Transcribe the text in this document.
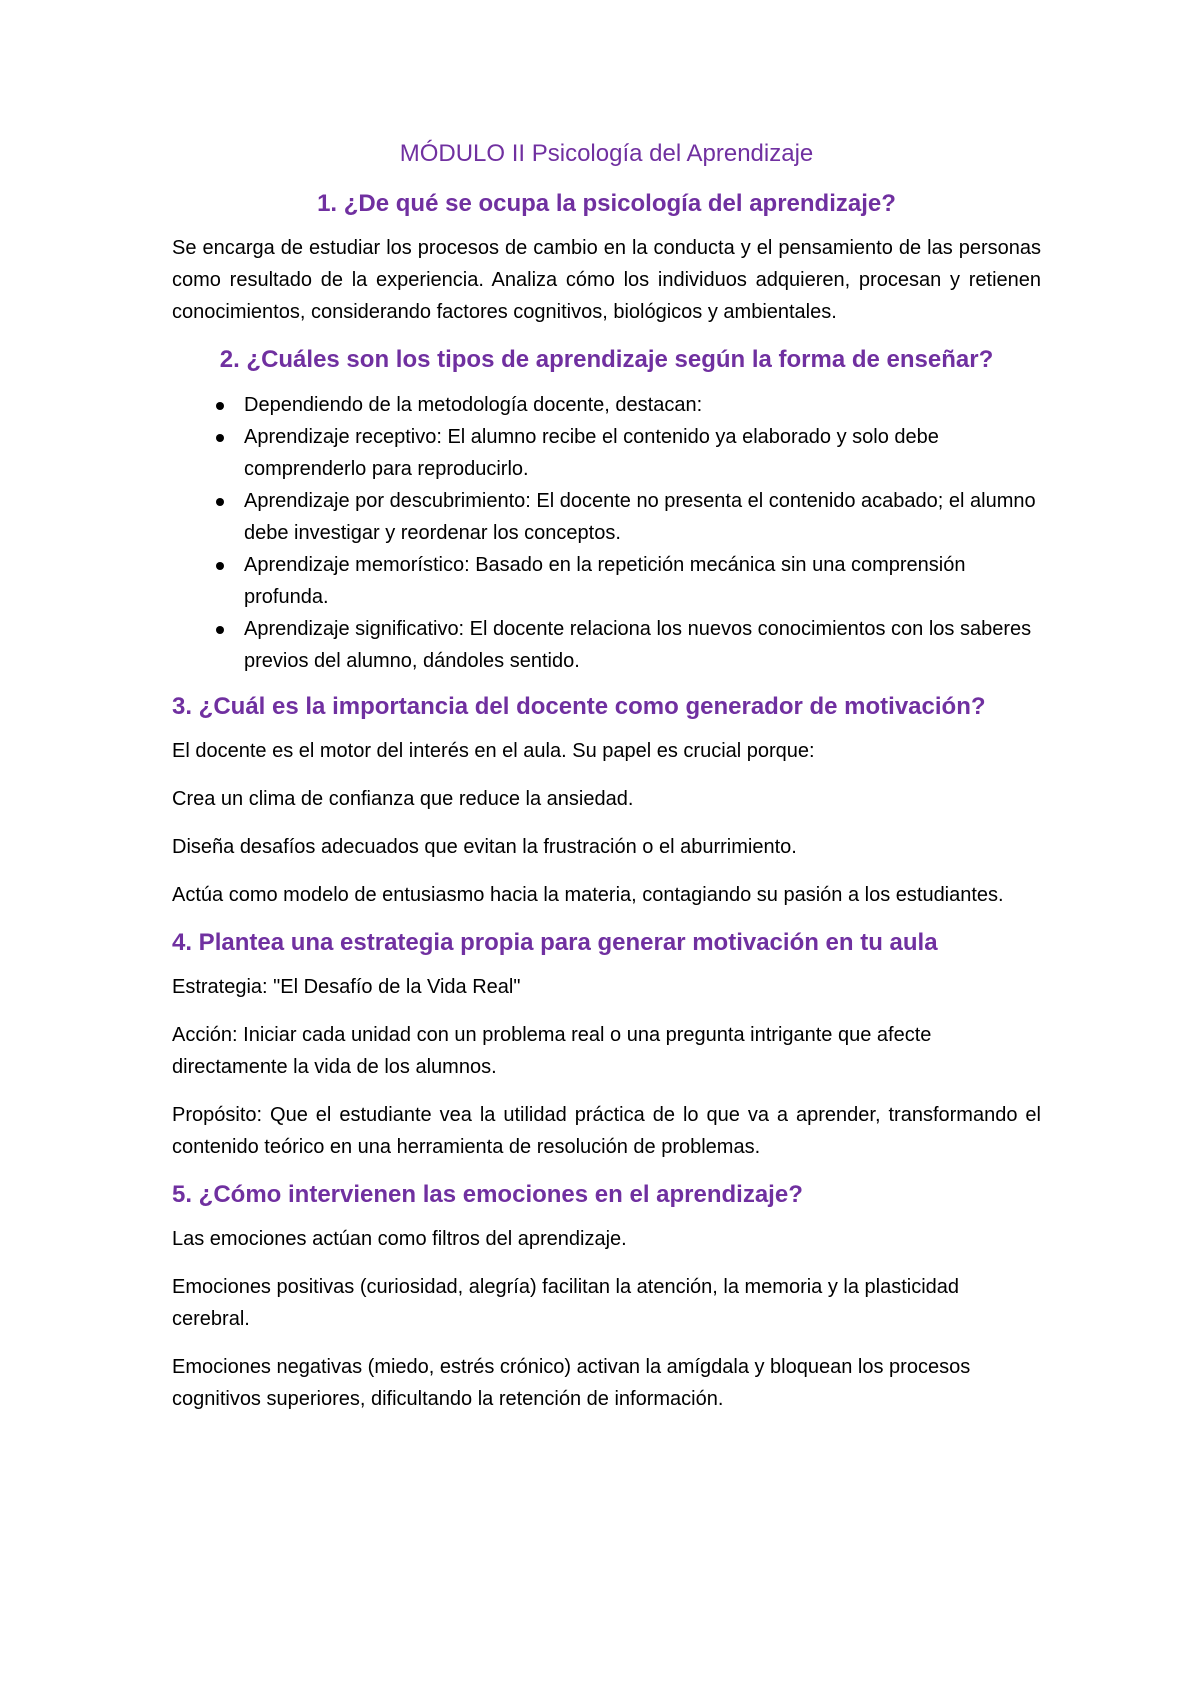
MÓDULO II Psicología del Aprendizaje
1. ¿De qué se ocupa la psicología del aprendizaje?

Se encarga de estudiar los procesos de cambio en la conducta y el pensamiento de las personas como resultado de la experiencia. Analiza cómo los individuos adquieren, procesan y retienen conocimientos, considerando factores cognitivos, biológicos y ambientales.

2. ¿Cuáles son los tipos de aprendizaje según la forma de enseñar?
Dependiendo de la metodología docente, destacan:
Aprendizaje receptivo: El alumno recibe el contenido ya elaborado y solo debe comprenderlo para reproducirlo.
Aprendizaje por descubrimiento: El docente no presenta el contenido acabado; el alumno debe investigar y reordenar los conceptos.
Aprendizaje memorístico: Basado en la repetición mecánica sin una comprensión profunda.
Aprendizaje significativo: El docente relaciona los nuevos conocimientos con los saberes previos del alumno, dándoles sentido.
3. ¿Cuál es la importancia del docente como generador de motivación?

El docente es el motor del interés en el aula. Su papel es crucial porque:

Crea un clima de confianza que reduce la ansiedad.

Diseña desafíos adecuados que evitan la frustración o el aburrimiento.

Actúa como modelo de entusiasmo hacia la materia, contagiando su pasión a los estudiantes.

4. Plantea una estrategia propia para generar motivación en tu aula

Estrategia: "El Desafío de la Vida Real"

Acción: Iniciar cada unidad con un problema real o una pregunta intrigante que afecte directamente la vida de los alumnos.

Propósito: Que el estudiante vea la utilidad práctica de lo que va a aprender, transformando el contenido teórico en una herramienta de resolución de problemas.

5. ¿Cómo intervienen las emociones en el aprendizaje?

Las emociones actúan como filtros del aprendizaje.

Emociones positivas (curiosidad, alegría) facilitan la atención, la memoria y la plasticidad cerebral.

Emociones negativas (miedo, estrés crónico) activan la amígdala y bloquean los procesos cognitivos superiores, dificultando la retención de información.
